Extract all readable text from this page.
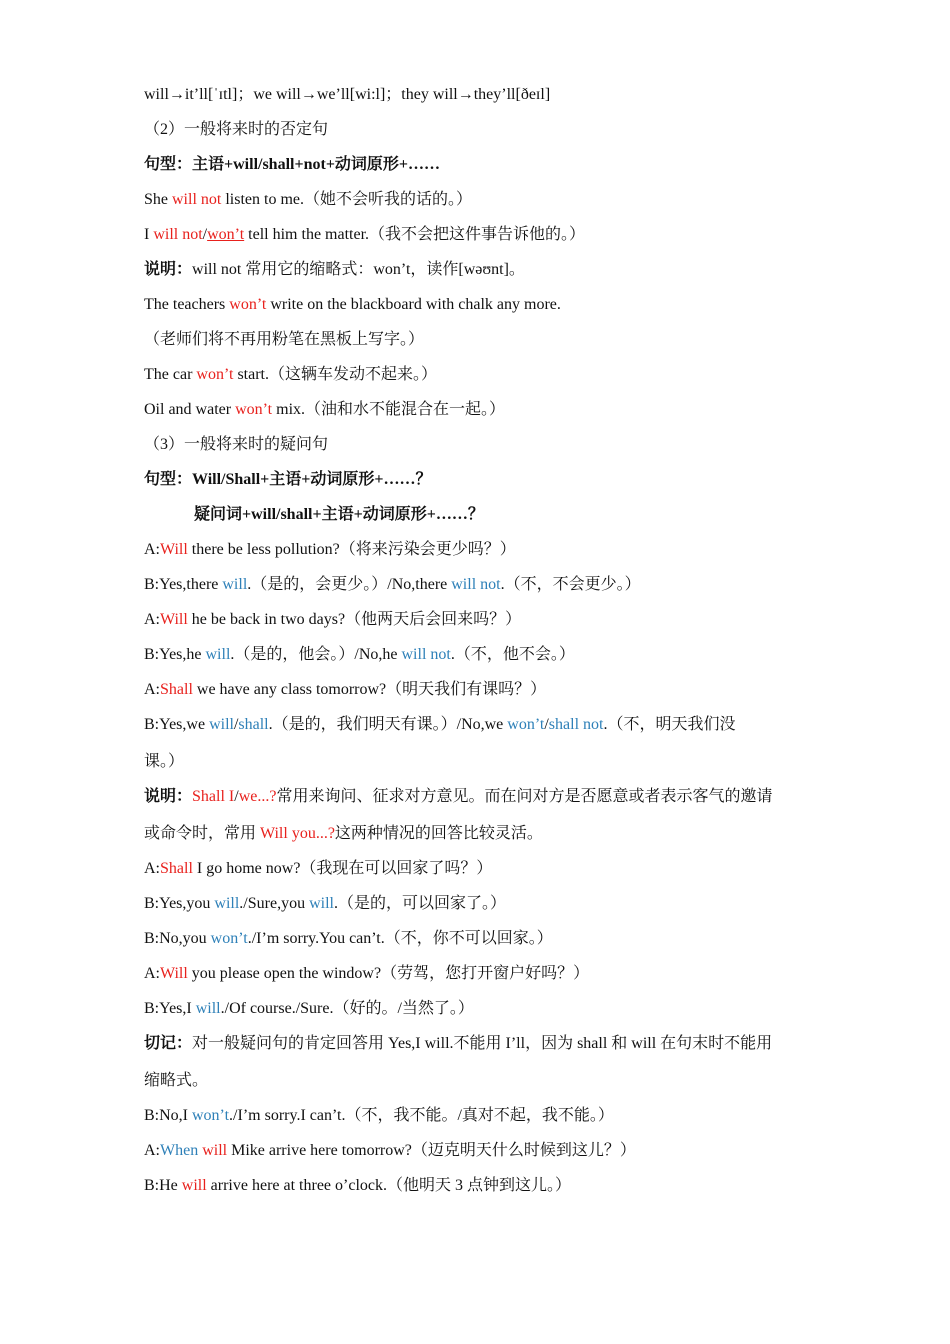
will→it’ll[ˈɪtl]；we will→we’ll[wi:l]；they will→they’ll[ðeɪl]
（2）一般将来时的否定句
句型：主语+will/shall+not+动词原形+……
She will not listen to me.（她不会听我的话的。）
I will not/won’t tell him the matter.（我不会把这件事告诉他的。）
说明：will not 常用它的缩略式：won’t，读作[wəʊnt]。
The teachers won’t write on the blackboard with chalk any more.
（老师们将不再用粉笔在黑板上写字。）
The car won’t start.（这辆车发动不起来。）
Oil and water won’t mix.（油和水不能混合在一起。）
（3）一般将来时的疑问句
句型：Will/Shall+主语+动词原形+……？
疑问词+will/shall+主语+动词原形+……？
A:Will there be less pollution?（将来污染会更少吗？）
B:Yes,there will.（是的，会更少。）/No,there will not.（不，不会更少。）
A:Will he be back in two days?（他两天后会回来吗？）
B:Yes,he will.（是的，他会。）/No,he will not.（不，他不会。）
A:Shall we have any class tomorrow?（明天我们有课吗？）
B:Yes,we will/shall.（是的，我们明天有课。）/No,we won’t/shall not.（不，明天我们没
课。）
说明：Shall I/we...?常用来询问、征求对方意见。而在问对方是否愿意或者表示客气的邀请
或命令时，常用 Will you...?这两种情况的回答比较灵活。
A:Shall I go home now?（我现在可以回家了吗？）
B:Yes,you will./Sure,you will.（是的，可以回家了。）
B:No,you won’t./I’m sorry.You can’t.（不，你不可以回家。）
A:Will you please open the window?（劳驾，您打开窗户好吗？）
B:Yes,I will./Of course./Sure.（好的。/当然了。）
切记：对一般疑问句的肯定回答用 Yes,I will.不能用 I’ll，因为 shall 和 will 在句末时不能用
缩略式。
B:No,I won’t./I’m sorry.I can’t.（不，我不能。/真对不起，我不能。）
A:When will Mike arrive here tomorrow?（迈克明天什么时候到这儿？）
B:He will arrive here at three o’clock.（他明天 3 点钟到这儿。）
